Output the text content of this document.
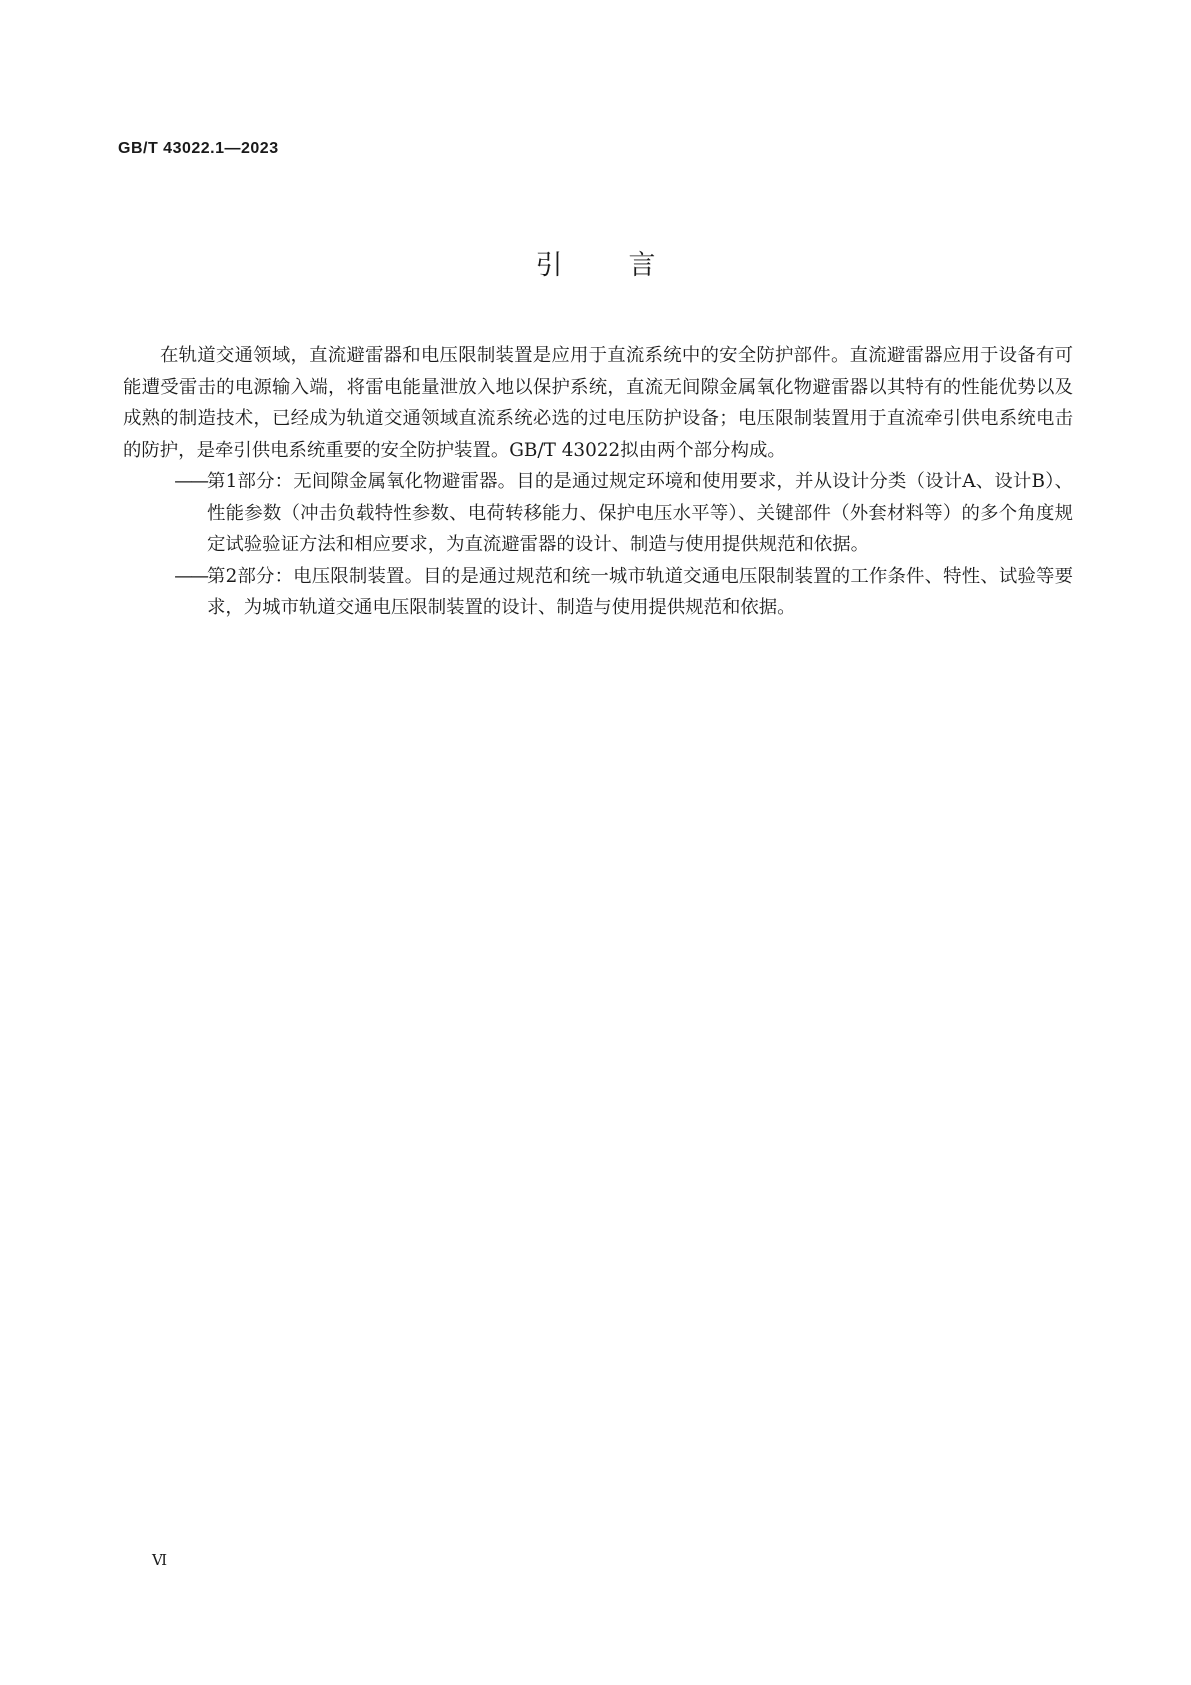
GB/T 43022.1—2023
引 言

在轨道交通领域，直流避雷器和电压限制装置是应用于直流系统中的安全防护部件。直流避雷器应用于设备有可能遭受雷击的电源输入端，将雷电能量泄放入地以保护系统，直流无间隙金属氧化物避雷器以其特有的性能优势以及成熟的制造技术，已经成为轨道交通领域直流系统必选的过电压防护设备；电压限制装置用于直流牵引供电系统电击的防护，是牵引供电系统重要的安全防护装置。GB/T 43022拟由两个部分构成。

—— 第1部分：无间隙金属氧化物避雷器。目的是通过规定环境和使用要求，并从设计分类（设计A、设计B）、性能参数（冲击负载特性参数、电荷转移能力、保护电压水平等）、关键部件（外套材料等）的多个角度规定试验验证方法和相应要求，为直流避雷器的设计、制造与使用提供规范和依据。
—— 第2部分：电压限制装置。目的是通过规范和统一城市轨道交通电压限制装置的工作条件、特性、试验等要求，为城市轨道交通电压限制装置的设计、制造与使用提供规范和依据。
Ⅵ
